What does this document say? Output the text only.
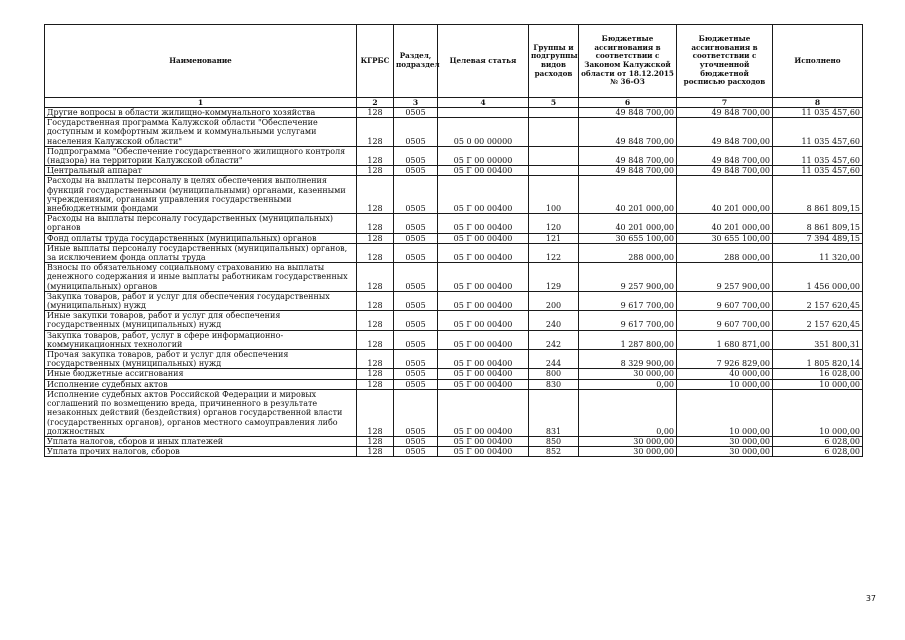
Наименование	КГРБС	Раздел, подраздел	Целевая статья	Группы и подгруппы видов расходов	Бюджетные ассигнования в соответствии с Законом Калужской области от 18.12.2015 № 36-ОЗ	Бюджетные ассигнования в соответствии с уточненной бюджетной росписью расходов	Исполнено
1	2	3	4	5	6	7	8
Другие вопросы в области жилищно-коммунального хозяйства	128	0505			49 848 700,00	49 848 700,00	11 035 457,60
Государственная программа Калужской области "Обеспечение доступным и комфортным жильем и коммунальными услугами населения Калужской области"	128	0505	05 0 00 00000		49 848 700,00	49 848 700,00	11 035 457,60
Подпрограмма "Обеспечение государственного жилищного контроля (надзора) на территории Калужской области"	128	0505	05 Г 00 00000		49 848 700,00	49 848 700,00	11 035 457,60
Центральный аппарат	128	0505	05 Г 00 00400		49 848 700,00	49 848 700,00	11 035 457,60
Расходы на выплаты персоналу в целях обеспечения выполнения функций государственными (муниципальными) органами, казенными учреждениями, органами управления государственными внебюджетными фондами	128	0505	05 Г 00 00400	100	40 201 000,00	40 201 000,00	8 861 809,15
Расходы на выплаты персоналу государственных (муниципальных) органов	128	0505	05 Г 00 00400	120	40 201 000,00	40 201 000,00	8 861 809,15
Фонд оплаты труда государственных (муниципальных) органов	128	0505	05 Г 00 00400	121	30 655 100,00	30 655 100,00	7 394 489,15
Иные выплаты персоналу государственных (муниципальных) органов, за исключением фонда оплаты труда	128	0505	05 Г 00 00400	122	288 000,00	288 000,00	11 320,00
Взносы по обязательному социальному страхованию на выплаты денежного содержания и иные выплаты работникам государственных (муниципальных) органов	128	0505	05 Г 00 00400	129	9 257 900,00	9 257 900,00	1 456 000,00
Закупка товаров, работ и услуг для обеспечения государственных (муниципальных) нужд	128	0505	05 Г 00 00400	200	9 617 700,00	9 607 700,00	2 157 620,45
Иные закупки товаров, работ и услуг для обеспечения государственных (муниципальных) нужд	128	0505	05 Г 00 00400	240	9 617 700,00	9 607 700,00	2 157 620,45
Закупка товаров, работ, услуг в сфере информационно-коммуникационных технологий	128	0505	05 Г 00 00400	242	1 287 800,00	1 680 871,00	351 800,31
Прочая закупка товаров, работ и услуг для обеспечения государственных (муниципальных) нужд	128	0505	05 Г 00 00400	244	8 329 900,00	7 926 829,00	1 805 820,14
Иные бюджетные ассигнования	128	0505	05 Г 00 00400	800	30 000,00	40 000,00	16 028,00
Исполнение судебных актов	128	0505	05 Г 00 00400	830	0,00	10 000,00	10 000,00
Исполнение судебных актов Российской Федерации и мировых соглашений по возмещению вреда, причиненного в результате незаконных действий (бездействия) органов государственной власти (государственных органов), органов местного самоуправления либо должностных	128	0505	05 Г 00 00400	831	0,00	10 000,00	10 000,00
Уплата налогов, сборов и иных платежей	128	0505	05 Г 00 00400	850	30 000,00	30 000,00	6 028,00
Уплата прочих налогов, сборов	128	0505	05 Г 00 00400	852	30 000,00	30 000,00	6 028,00
37
